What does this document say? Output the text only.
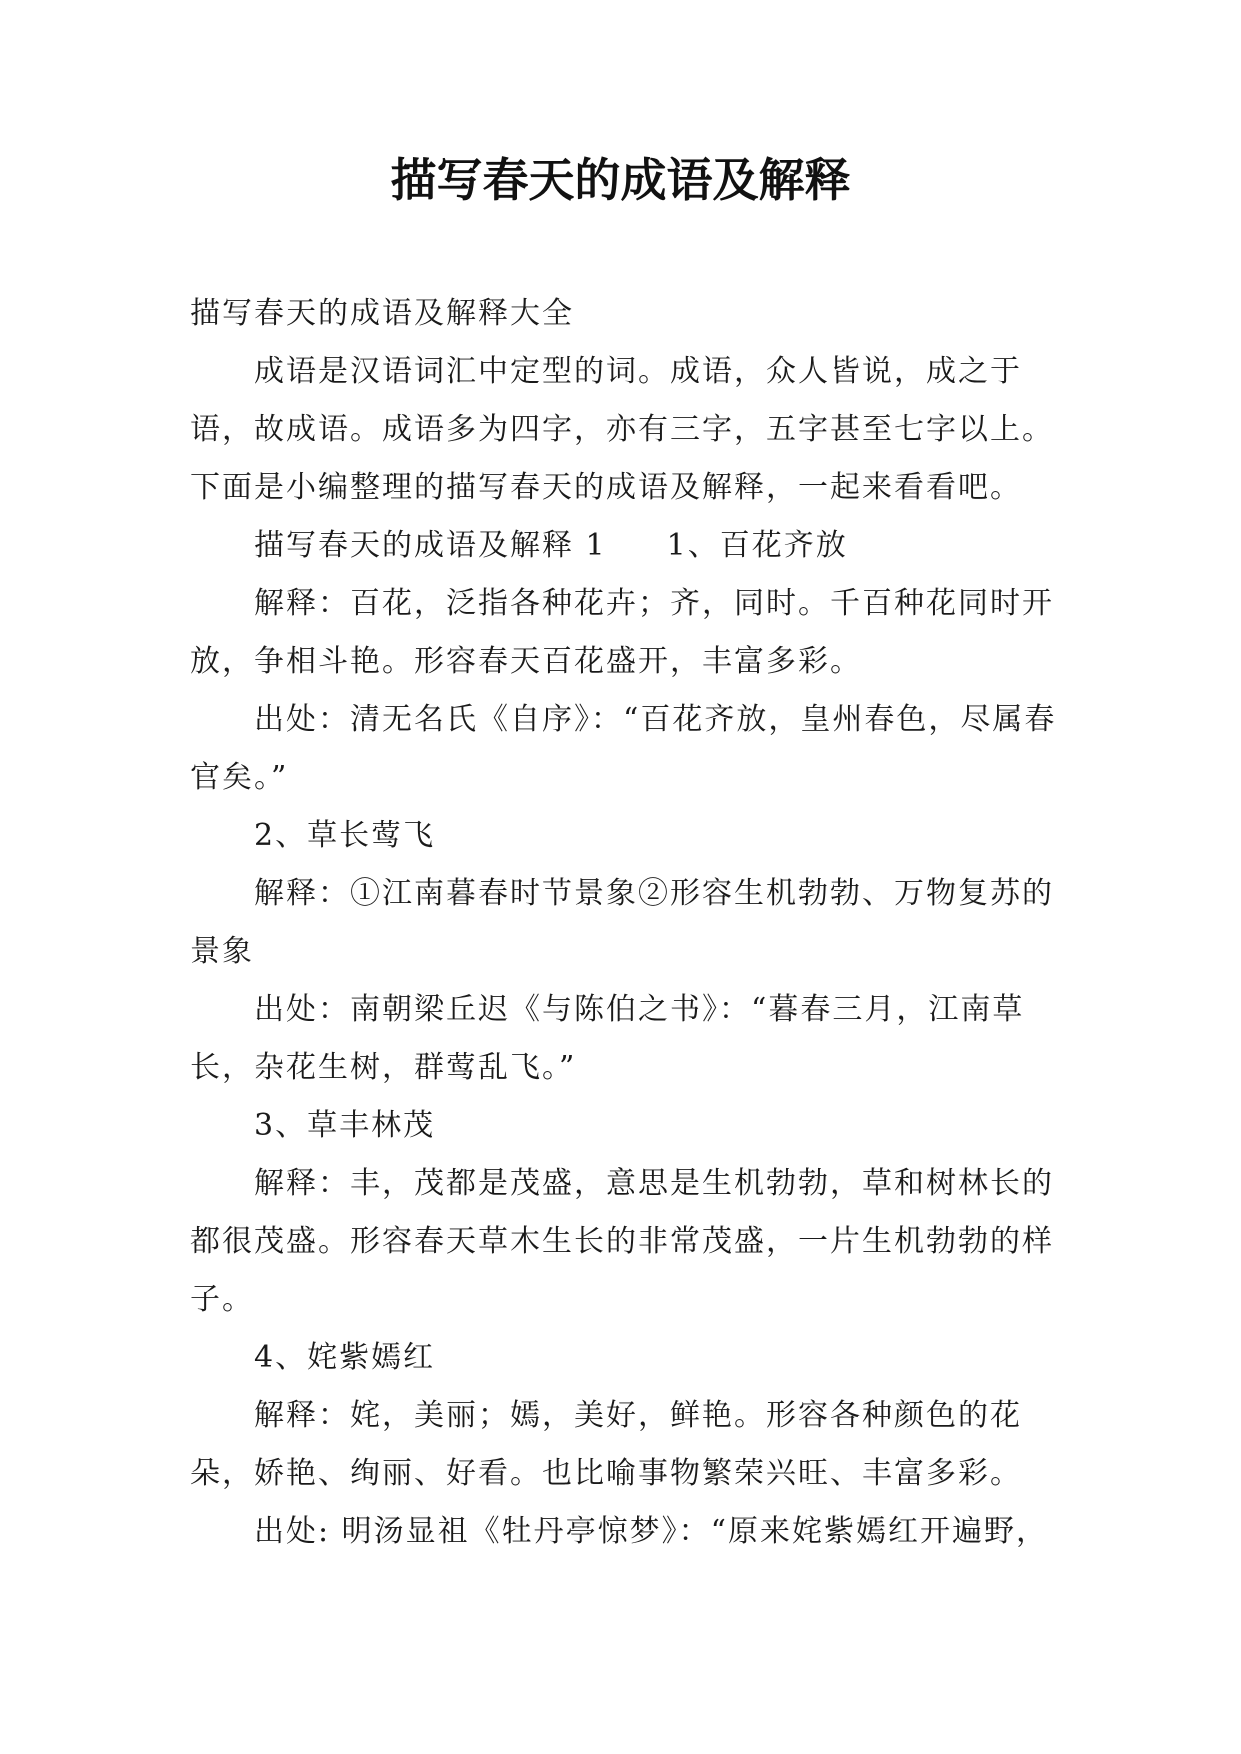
描写春天的成语及解释

描写春天的成语及解释大全

成语是汉语词汇中定型的词。成语，众人皆说，成之于语，故成语。成语多为四字，亦有三字，五字甚至七字以上。下面是小编整理的描写春天的成语及解释，一起来看看吧。

描写春天的成语及解释 1 1、百花齐放

解释：百花，泛指各种花卉；齐，同时。千百种花同时开放，争相斗艳。形容春天百花盛开，丰富多彩。

出处：清无名氏《自序》：“百花齐放，皇州春色，尽属春官矣。”

2、草长莺飞

解释：①江南暮春时节景象②形容生机勃勃、万物复苏的景象

出处：南朝梁丘迟《与陈伯之书》：“暮春三月，江南草长，杂花生树，群莺乱飞。”

3、草丰林茂

解释：丰，茂都是茂盛，意思是生机勃勃，草和树林长的都很茂盛。形容春天草木生长的非常茂盛，一片生机勃勃的样子。

4、姹紫嫣红

解释：姹，美丽；嫣，美好，鲜艳。形容各种颜色的花朵，娇艳、绚丽、好看。也比喻事物繁荣兴旺、丰富多彩。

出处: 明汤显祖《牡丹亭惊梦》：“原来姹紫嫣红开遍野，
